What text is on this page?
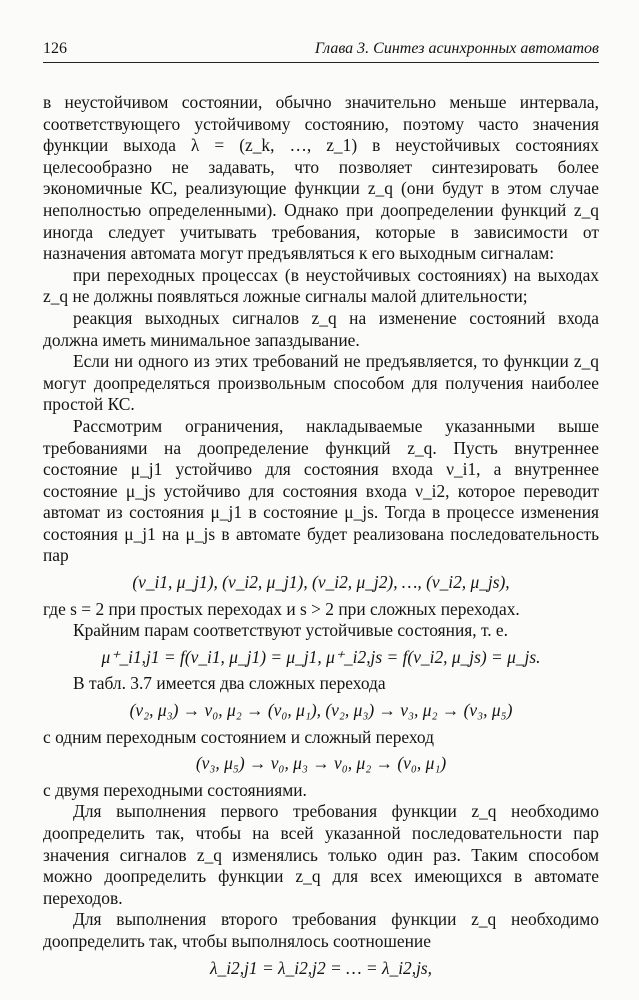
126	Глава 3. Синтез асинхронных автоматов

в неустойчивом состоянии, обычно значительно меньше интервала, соответствующего устойчивому состоянию, поэтому часто значения функции выхода λ = (z_k, …, z_1) в неустойчивых состояниях целесообразно не задавать, что позволяет синтезировать более экономичные КС, реализующие функции z_q (они будут в этом случае неполностью определенными). Однако при доопределении функций z_q иногда следует учитывать требования, которые в зависимости от назначения автомата могут предъявляться к его выходным сигналам:

при переходных процессах (в неустойчивых состояниях) на выходах z_q не должны появляться ложные сигналы малой длительности;

реакция выходных сигналов z_q на изменение состояний входа должна иметь минимальное запаздывание.

Если ни одного из этих требований не предъявляется, то функции z_q могут доопределяться произвольным способом для получения наиболее простой КС.

Рассмотрим ограничения, накладываемые указанными выше требованиями на доопределение функций z_q. Пусть внутреннее состояние μ_j1 устойчиво для состояния входа ν_i1, а внутреннее состояние μ_js устойчиво для состояния входа ν_i2, которое переводит автомат из состояния μ_j1 в состояние μ_js. Тогда в процессе изменения состояния μ_j1 на μ_js в автомате будет реализована последовательность пар

(ν_i1, μ_j1), (ν_i2, μ_j1), (ν_i2, μ_j2), …, (ν_i2, μ_js),

где s = 2 при простых переходах и s > 2 при сложных переходах.

Крайним парам соответствуют устойчивые состояния, т. е.

μ⁺_i1,j1 = f(ν_i1, μ_j1) = μ_j1, μ⁺_i2,js = f(ν_i2, μ_js) = μ_js.

В табл. 3.7 имеется два сложных перехода

(ν₂, μ₃) → ν₀, μ₂ → (ν₀, μ₁), (ν₂, μ₃) → ν₃, μ₂ → (ν₃, μ₅)

с одним переходным состоянием и сложный переход

(ν₃, μ₅) → ν₀, μ₃ → ν₀, μ₂ → (ν₀, μ₁)

с двумя переходными состояниями.

Для выполнения первого требования функции z_q необходимо доопределить так, чтобы на всей указанной последовательности пар значения сигналов z_q изменялись только один раз. Таким способом можно доопределить функции z_q для всех имеющихся в автомате переходов.

Для выполнения второго требования функции z_q необходимо доопределить так, чтобы выполнялось соотношение

λ_i2,j1 = λ_i2,j2 = … = λ_i2,js,
